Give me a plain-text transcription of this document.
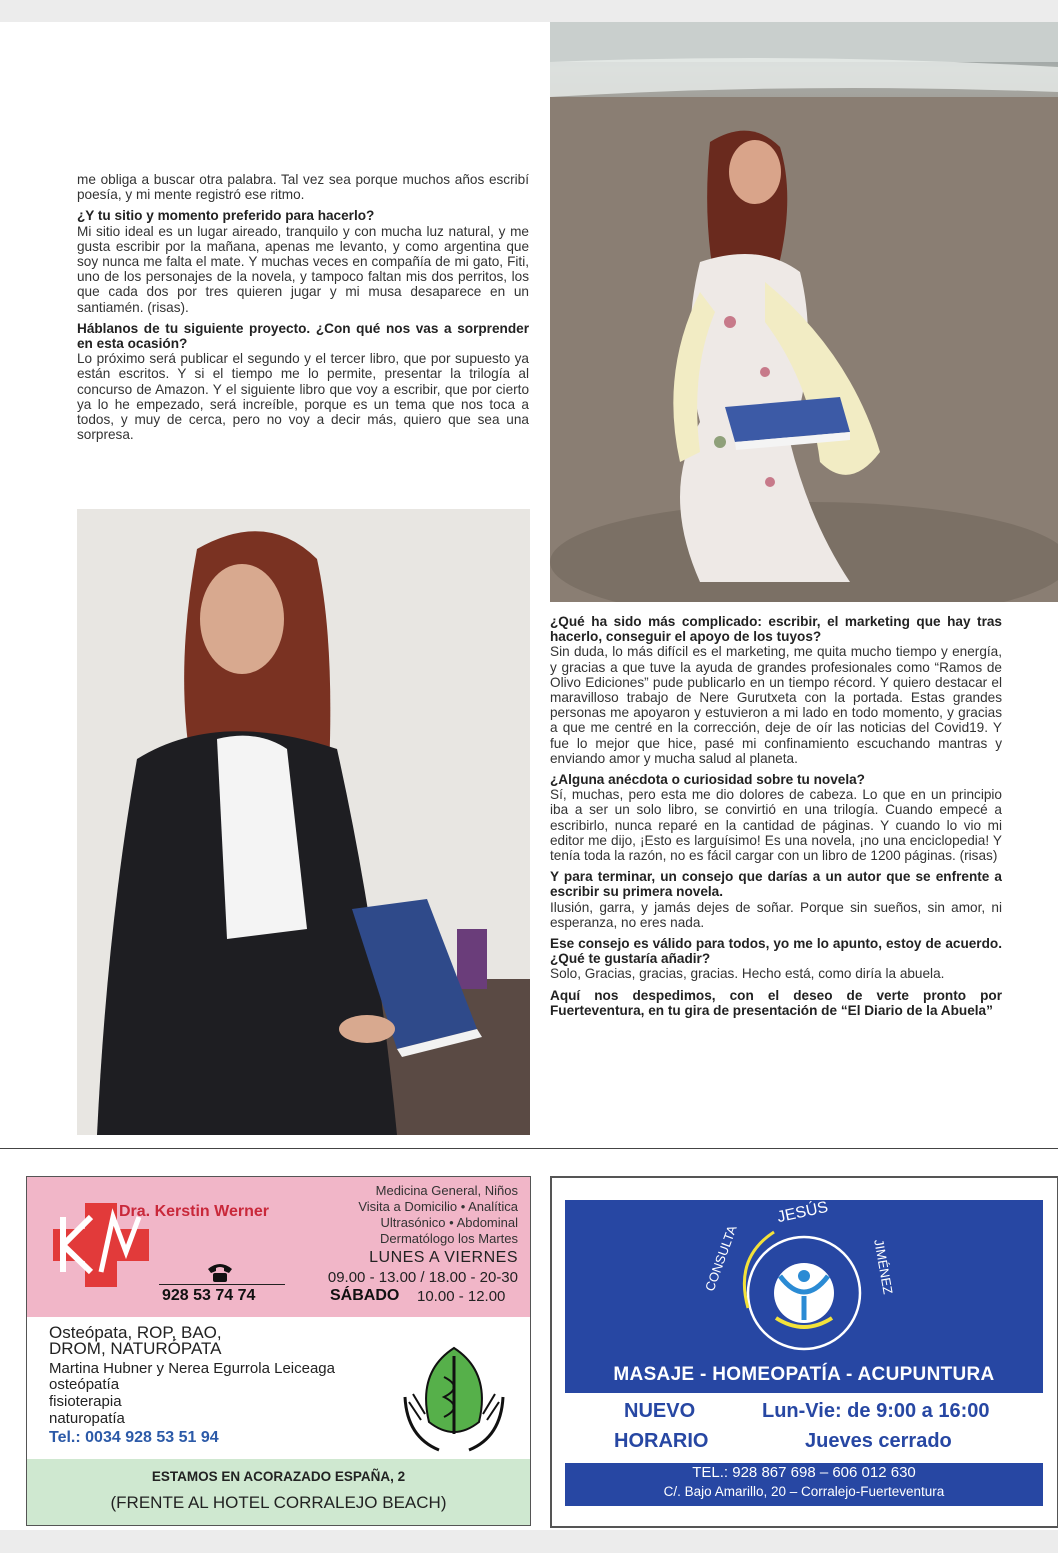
me obliga a buscar otra palabra. Tal vez sea porque muchos años escribí poesía, y mi mente registró ese ritmo.

¿Y tu sitio y momento preferido para hacerlo?

Mi sitio ideal es un lugar aireado, tranquilo y con mucha luz natural, y me gusta escribir por la mañana, apenas me levanto, y como argentina que soy nunca me falta el mate. Y muchas veces en compañía de mi gato, Fiti, uno de los personajes de la novela, y tampoco faltan mis dos perritos, los que cada dos por tres quieren jugar y mi musa desaparece en un santiamén. (risas).

Háblanos de tu siguiente proyecto. ¿Con qué nos vas a sorprender en esta ocasión?

Lo próximo será publicar el segundo y el tercer libro, que por supuesto ya están escritos. Y si el tiempo me lo permite, presentar la trilogía al concurso de Amazon. Y el siguiente libro que voy a escribir, que por cierto ya lo he empezado, será increíble, porque es un tema que nos toca a todos, y muy de cerca, pero no voy a decir más, quiero que sea una sorpresa.

¿Qué ha sido más complicado: escribir, el marketing que hay tras hacerlo, conseguir el apoyo de los tuyos?

Sin duda, lo más difícil es el marketing, me quita mucho tiempo y energía, y gracias a que tuve la ayuda de grandes profesionales como “Ramos de Olivo Ediciones” pude publicarlo en un tiempo récord. Y quiero destacar el maravilloso trabajo de Nere Gurutxeta con la portada. Estas grandes personas me apoyaron y estuvieron a mi lado en todo momento, y gracias a que me centré en la corrección, deje de oír las noticias del Covid19. Y fue lo mejor que hice, pasé mi confinamiento escuchando mantras y enviando amor y mucha salud al planeta.

¿Alguna anécdota o curiosidad sobre tu novela?

Sí, muchas, pero esta me dio dolores de cabeza. Lo que en un principio iba a ser un solo libro, se convirtió en una trilogía. Cuando empecé a escribirlo, nunca reparé en la cantidad de páginas. Y cuando lo vio mi editor me dijo, ¡Esto es larguísimo! Es una novela, ¡no una enciclopedia! Y tenía toda la razón, no es fácil cargar con un libro de 1200 páginas. (risas)

Y para terminar, un consejo que darías a un autor que se enfrente a escribir su primera novela.

Ilusión, garra, y jamás dejes de soñar. Porque sin sueños, sin amor, ni esperanza, no eres nada.

Ese consejo es válido para todos, yo me lo apunto, estoy de acuerdo. ¿Qué te gustaría añadir?

Solo, Gracias, gracias, gracias. Hecho está, como diría la abuela.

Aquí nos despedimos, con el deseo de verte pronto por Fuerteventura, en tu gira de presentación de “El Diario de la Abuela”

Dra. Kerstin Werner

Medicina General, Niños
Visita a Domicilio • Analítica
Ultrasónico • Abdominal
Dermatólogo los Martes

LUNES A VIERNES

09.00 - 13.00 / 18.00 - 20-30

928 53 74 74	SÁBADO 10.00 - 12.00

Osteópata, ROP, BAO,

DROM, NATURÓPATA

Martina Hubner y Nerea Egurrola Leiceaga

osteópatía

fisioterapia

naturopatía

Tel.: 0034 928 53 51 94

ESTAMOS EN ACORAZADO ESPAÑA, 2

(FRENTE AL HOTEL CORRALEJO BEACH)

JESÚS

CONSULTA	JIMÉNEZ

MASAJE - HOMEOPATÍA - ACUPUNTURA

NUEVO

HORARIO

Lun-Vie: de 9:00 a 16:00

Jueves cerrado

TEL.: 928 867 698 – 606 012 630

C/. Bajo Amarillo, 20 – Corralejo-Fuerteventura
